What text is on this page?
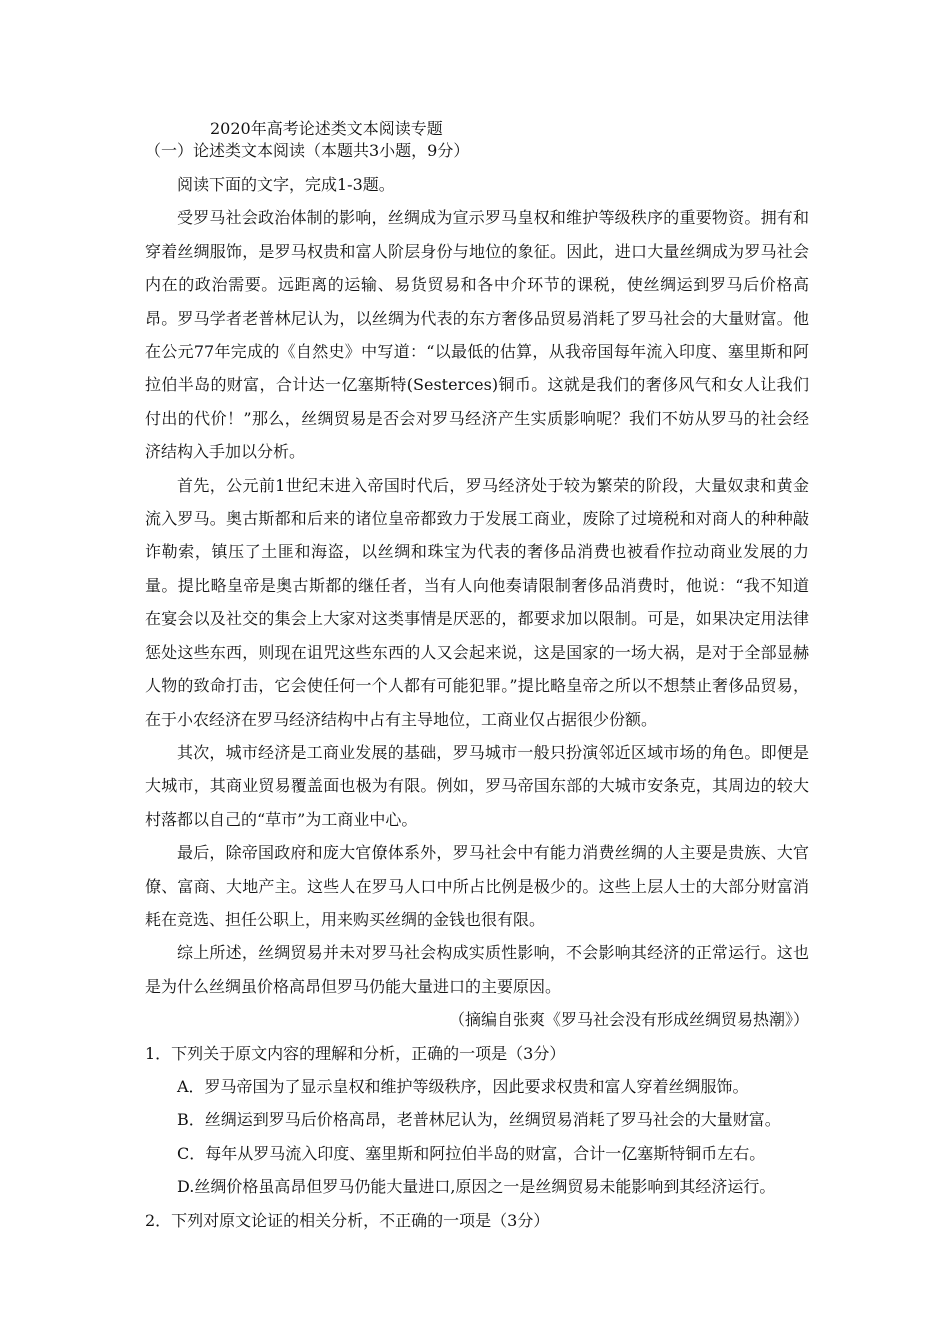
2020年高考论述类文本阅读专题
（一）论述类文本阅读（本题共3小题，9分）

阅读下面的文字，完成1-3题。

受罗马社会政治体制的影响，丝绸成为宣示罗马皇权和维护等级秩序的重要物资。拥有和穿着丝绸服饰，是罗马权贵和富人阶层身份与地位的象征。因此，进口大量丝绸成为罗马社会内在的政治需要。远距离的运输、易货贸易和各中介环节的课税，使丝绸运到罗马后价格高昂。罗马学者老普林尼认为，以丝绸为代表的东方奢侈品贸易消耗了罗马社会的大量财富。他在公元77年完成的《自然史》中写道：“以最低的估算，从我帝国每年流入印度、塞里斯和阿拉伯半岛的财富，合计达一亿塞斯特(Sesterces)铜币。这就是我们的奢侈风气和女人让我们付出的代价！”那么，丝绸贸易是否会对罗马经济产生实质影响呢？我们不妨从罗马的社会经济结构入手加以分析。

首先，公元前1世纪末进入帝国时代后，罗马经济处于较为繁荣的阶段，大量奴隶和黄金流入罗马。奥古斯都和后来的诸位皇帝都致力于发展工商业，废除了过境税和对商人的种种敲诈勒索，镇压了土匪和海盗，以丝绸和珠宝为代表的奢侈品消费也被看作拉动商业发展的力量。提比略皇帝是奥古斯都的继任者，当有人向他奏请限制奢侈品消费时，他说：“我不知道在宴会以及社交的集会上大家对这类事情是厌恶的，都要求加以限制。可是，如果决定用法律惩处这些东西，则现在诅咒这些东西的人又会起来说，这是国家的一场大祸，是对于全部显赫人物的致命打击，它会使任何一个人都有可能犯罪。”提比略皇帝之所以不想禁止奢侈品贸易，在于小农经济在罗马经济结构中占有主导地位，工商业仅占据很少份额。

其次，城市经济是工商业发展的基础，罗马城市一般只扮演邻近区域市场的角色。即便是大城市，其商业贸易覆盖面也极为有限。例如，罗马帝国东部的大城市安条克，其周边的较大村落都以自己的“草市”为工商业中心。

最后，除帝国政府和庞大官僚体系外，罗马社会中有能力消费丝绸的人主要是贵族、大官僚、富商、大地产主。这些人在罗马人口中所占比例是极少的。这些上层人士的大部分财富消耗在竞选、担任公职上，用来购买丝绸的金钱也很有限。

综上所述，丝绸贸易并未对罗马社会构成实质性影响，不会影响其经济的正常运行。这也是为什么丝绸虽价格高昂但罗马仍能大量进口的主要原因。

（摘编自张爽《罗马社会没有形成丝绸贸易热潮》）

1．下列关于原文内容的理解和分析，正确的一项是（3分）

A．罗马帝国为了显示皇权和维护等级秩序，因此要求权贵和富人穿着丝绸服饰。

B．丝绸运到罗马后价格高昂，老普林尼认为，丝绸贸易消耗了罗马社会的大量财富。

C．每年从罗马流入印度、塞里斯和阿拉伯半岛的财富，合计一亿塞斯特铜币左右。

D.丝绸价格虽高昂但罗马仍能大量进口,原因之一是丝绸贸易未能影响到其经济运行。

2．下列对原文论证的相关分析，不正确的一项是（3分）
